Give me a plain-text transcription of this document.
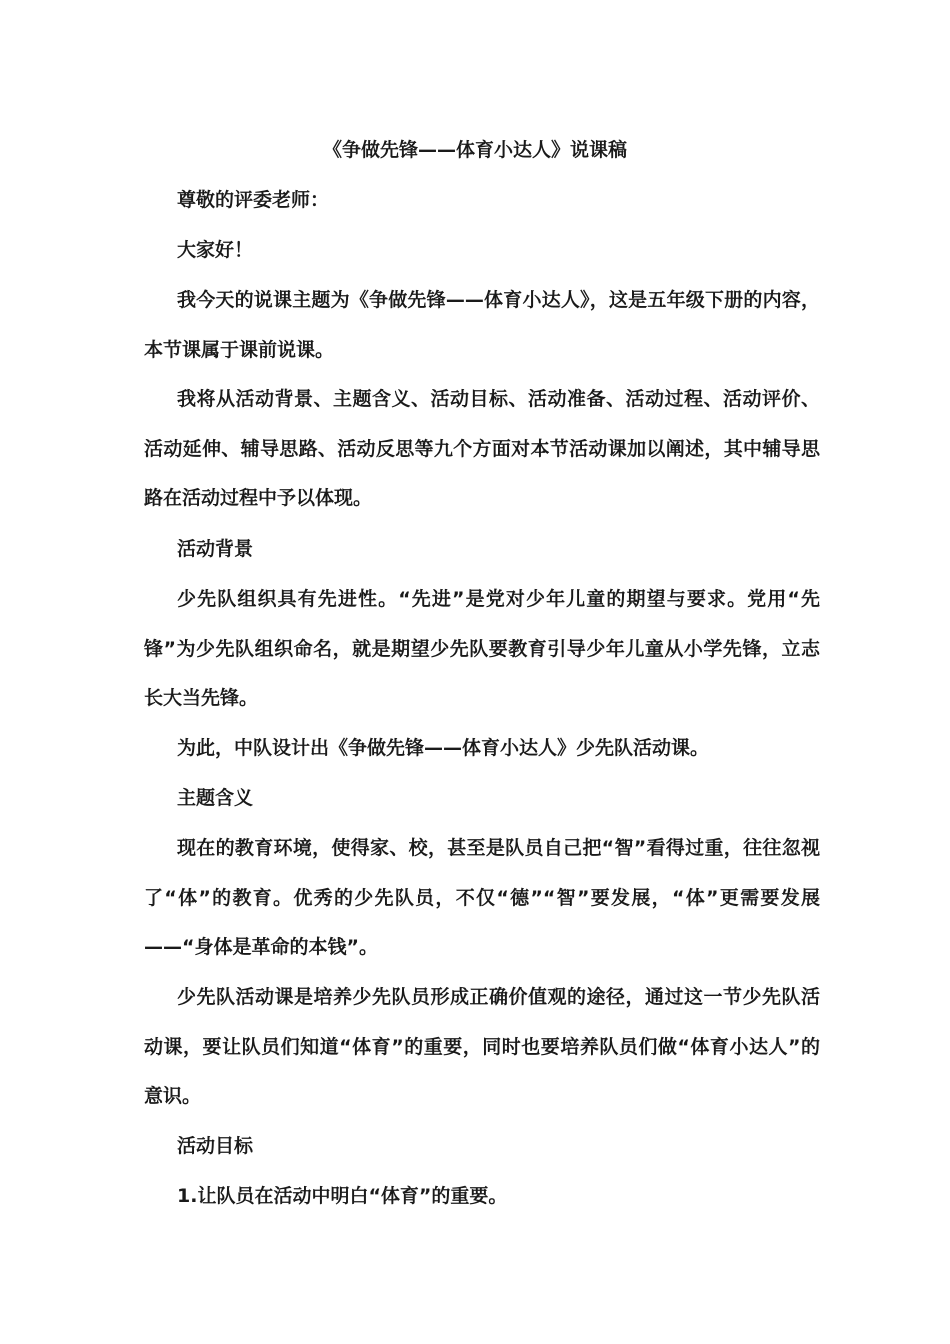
《争做先锋——体育小达人》说课稿

尊敬的评委老师：

大家好！

我今天的说课主题为《争做先锋——体育小达人》，这是五年级下册的内容，本节课属于课前说课。

我将从活动背景、主题含义、活动目标、活动准备、活动过程、活动评价、活动延伸、辅导思路、活动反思等九个方面对本节活动课加以阐述，其中辅导思路在活动过程中予以体现。

活动背景

少先队组织具有先进性。“先进”是党对少年儿童的期望与要求。党用“先锋”为少先队组织命名，就是期望少先队要教育引导少年儿童从小学先锋，立志长大当先锋。

为此，中队设计出《争做先锋——体育小达人》少先队活动课。

主题含义

现在的教育环境，使得家、校，甚至是队员自己把“智”看得过重，往往忽视了“体”的教育。优秀的少先队员，不仅“德”“智”要发展，“体”更需要发展——“身体是革命的本钱”。

少先队活动课是培养少先队员形成正确价值观的途径，通过这一节少先队活动课，要让队员们知道“体育”的重要，同时也要培养队员们做“体育小达人”的意识。

活动目标

1.让队员在活动中明白“体育”的重要。
